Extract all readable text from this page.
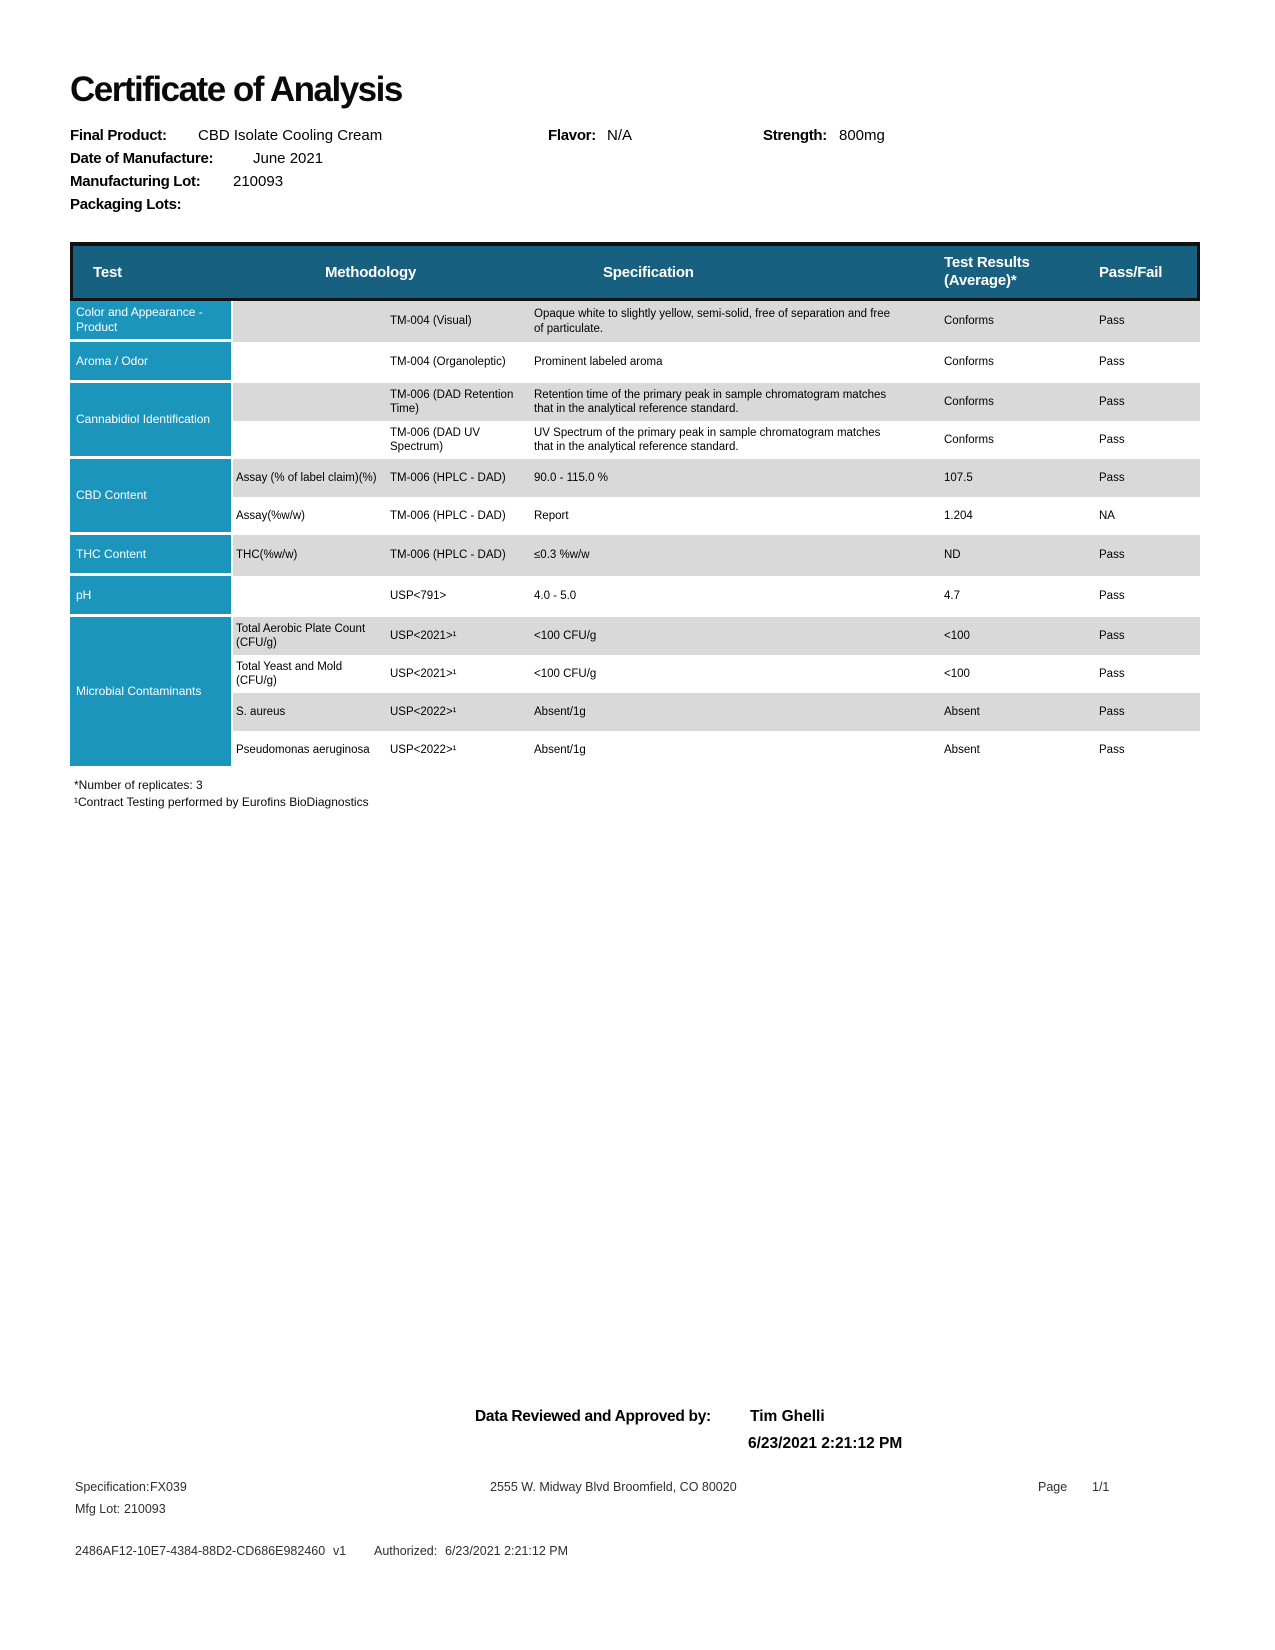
Certificate of Analysis
Final Product: CBD Isolate Cooling Cream	Flavor: N/A	Strength: 800mg
Date of Manufacture:	June 2021
Manufacturing Lot: 210093
Packaging Lots:
Test	Methodology		Specification	Test Results
(Average)*	Pass/Fail
Color and Appearance - Product		TM-004 (Visual)	Opaque white to slightly yellow, semi-solid, free of separation and free of particulate.	Conforms	Pass
Aroma / Odor		TM-004 (Organoleptic)	Prominent labeled aroma	Conforms	Pass
Cannabidiol Identification		TM-006 (DAD Retention Time)	Retention time of the primary peak in sample chromatogram matches that in the analytical reference standard.	Conforms	Pass
		TM-006 (DAD UV Spectrum)	UV Spectrum of the primary peak in sample chromatogram matches that in the analytical reference standard.	Conforms	Pass
CBD Content	Assay (% of label claim)(%)	TM-006 (HPLC - DAD)	90.0 - 115.0 %	107.5	Pass
	Assay(%w/w)	TM-006 (HPLC - DAD)	Report	1.204	NA
THC Content	THC(%w/w)	TM-006 (HPLC - DAD)	≤0.3 %w/w	ND	Pass
pH		USP<791>	4.0 - 5.0	4.7	Pass
Microbial Contaminants	Total Aerobic Plate Count (CFU/g)	USP<2021>¹	<100 CFU/g	<100	Pass
	Total Yeast and Mold (CFU/g)	USP<2021>¹	<100 CFU/g	<100	Pass
	S. aureus	USP<2022>¹	Absent/1g	Absent	Pass
	Pseudomonas aeruginosa	USP<2022>¹	Absent/1g	Absent	Pass
*Number of replicates: 3
¹Contract Testing performed by Eurofins BioDiagnostics
Data Reviewed and Approved by:	Tim Ghelli
6/23/2021 2:21:12 PM
Specification: FX039
Mfg Lot: 210093
2555 W. Midway Blvd Broomfield, CO 80020	Page 1/1
2486AF12-10E7-4384-88D2-CD686E982460 v1 Authorized: 6/23/2021 2:21:12 PM
